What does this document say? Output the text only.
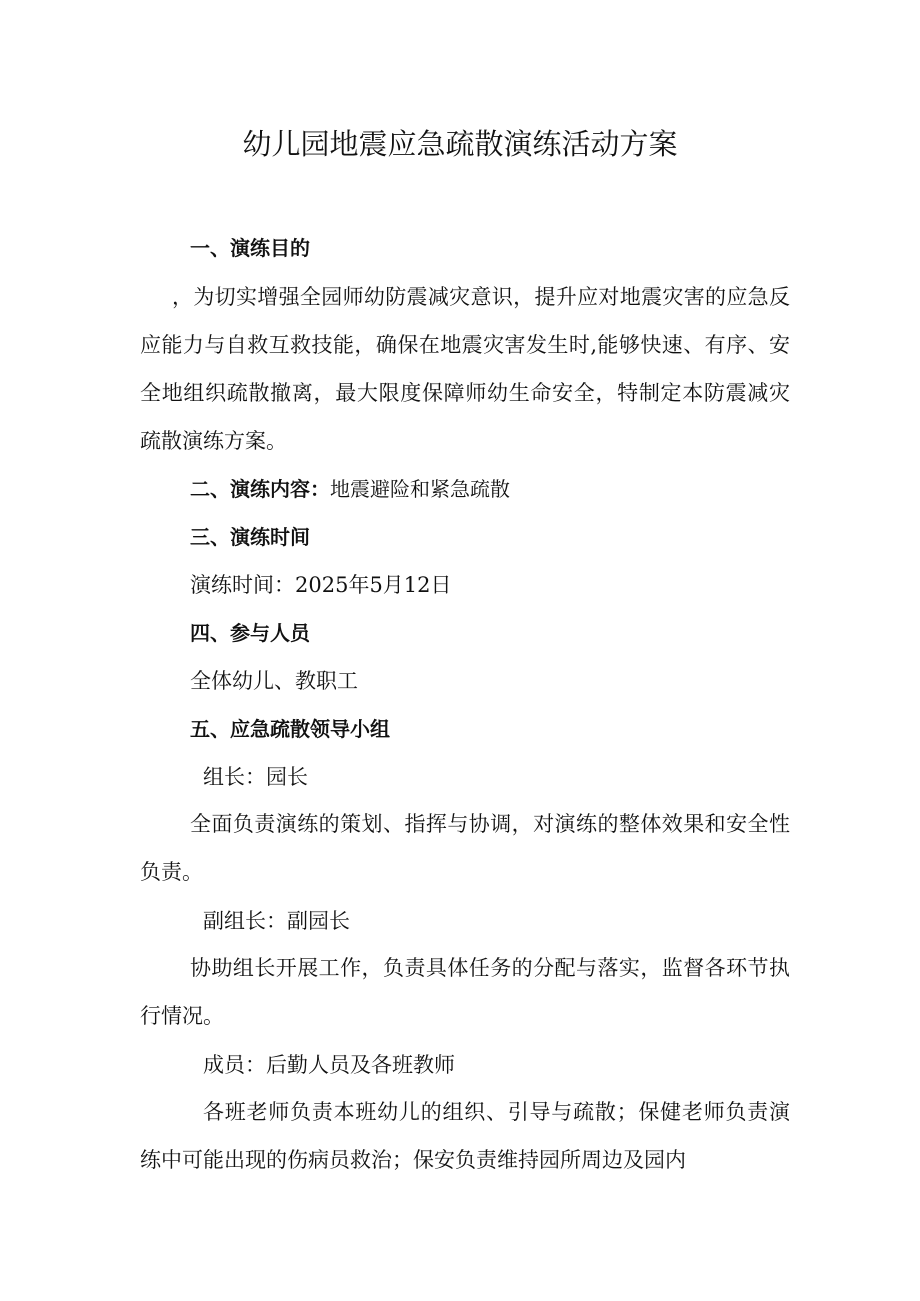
幼儿园地震应急疏散演练活动方案

一、演练目的

，为切实增强全园师幼防震减灾意识，提升应对地震灾害的应急反应能力与自救互救技能，确保在地震灾害发生时,能够快速、有序、安全地组织疏散撤离，最大限度保障师幼生命安全，特制定本防震减灾疏散演练方案。

二、演练内容：地震避险和紧急疏散

三、演练时间

演练时间：2025年5月12日

四、参与人员

全体幼儿、教职工

五、应急疏散领导小组

组长：园长

全面负责演练的策划、指挥与协调，对演练的整体效果和安全性负责。

副组长：副园长

协助组长开展工作，负责具体任务的分配与落实，监督各环节执行情况。

成员：后勤人员及各班教师

各班老师负责本班幼儿的组织、引导与疏散；保健老师负责演练中可能出现的伤病员救治；保安负责维持园所周边及园内
